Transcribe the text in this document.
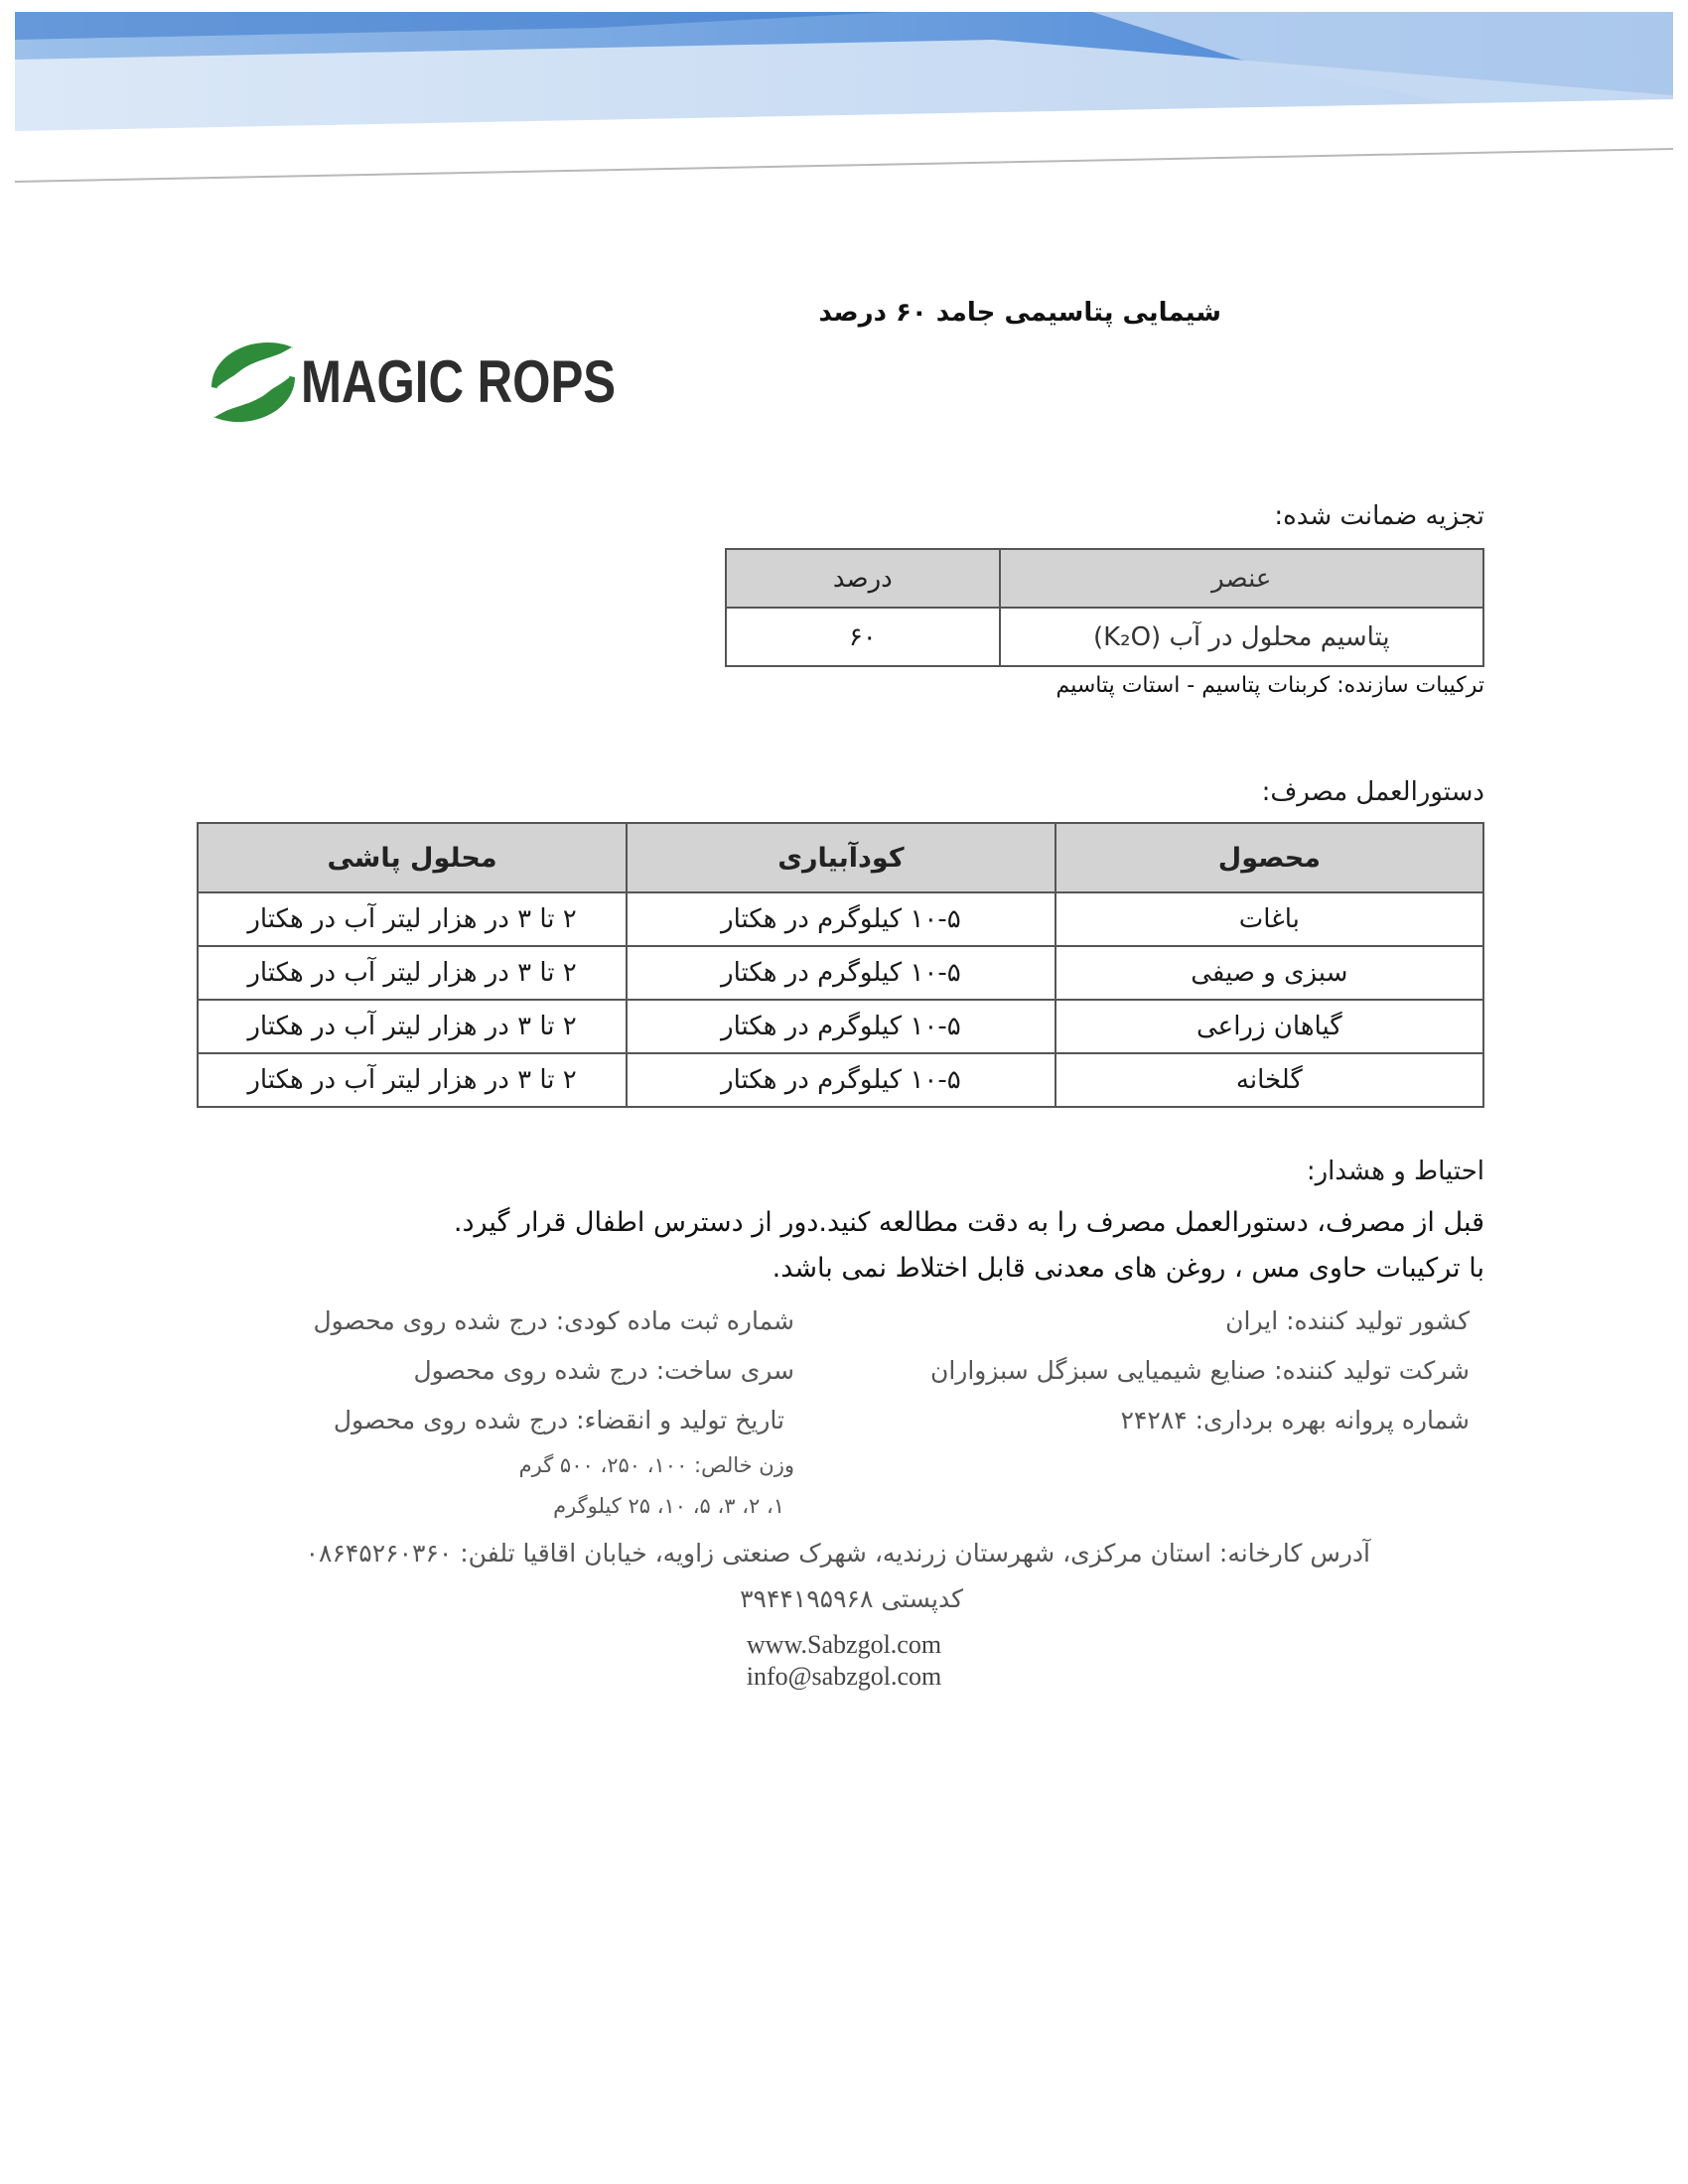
شیمایی پتاسیمی جامد ۶۰ درصد
MAGIC ROPS
تجزیه ضمانت شده:
عنصر	درصد
پتاسیم محلول در آب (K₂O)	۶۰
ترکیبات سازنده: کربنات پتاسیم - استات پتاسیم
دستورالعمل مصرف:
محصول	کودآبیاری	محلول پاشی
باغات	۱۰-۵ کیلوگرم در هکتار	۲ تا ۳ در هزار لیتر آب در هکتار
سبزی و صیفی	۱۰-۵ کیلوگرم در هکتار	۲ تا ۳ در هزار لیتر آب در هکتار
گیاهان زراعی	۱۰-۵ کیلوگرم در هکتار	۲ تا ۳ در هزار لیتر آب در هکتار
گلخانه	۱۰-۵ کیلوگرم در هکتار	۲ تا ۳ در هزار لیتر آب در هکتار
احتیاط و هشدار:
قبل از مصرف، دستورالعمل مصرف را به دقت مطالعه کنید.دور از دسترس اطفال قرار گیرد.
با ترکیبات حاوی مس ، روغن های معدنی قابل اختلاط نمی باشد.
کشور تولید کننده: ایران
شرکت تولید کننده: صنایع شیمیایی سبزگل سبزواران
شماره پروانه بهره برداری: ۲۴۲۸۴
شماره ثبت ماده کودی: درج شده روی محصول
سری ساخت: درج شده روی محصول
تاریخ تولید و انقضاء: درج شده روی محصول
وزن خالص: ۱۰۰، ۲۵۰، ۵۰۰ گرم
۱، ۲، ۳، ۵، ۱۰، ۲۵ کیلوگرم
آدرس کارخانه: استان مرکزی، شهرستان زرندیه، شهرک صنعتی زاویه، خیابان اقاقیا تلفن: ۰۸۶۴۵۲۶۰۳۶۰
کدپستی ۳۹۴۴۱۹۵۹۶۸
www.Sabzgol.com
info@sabzgol.com
